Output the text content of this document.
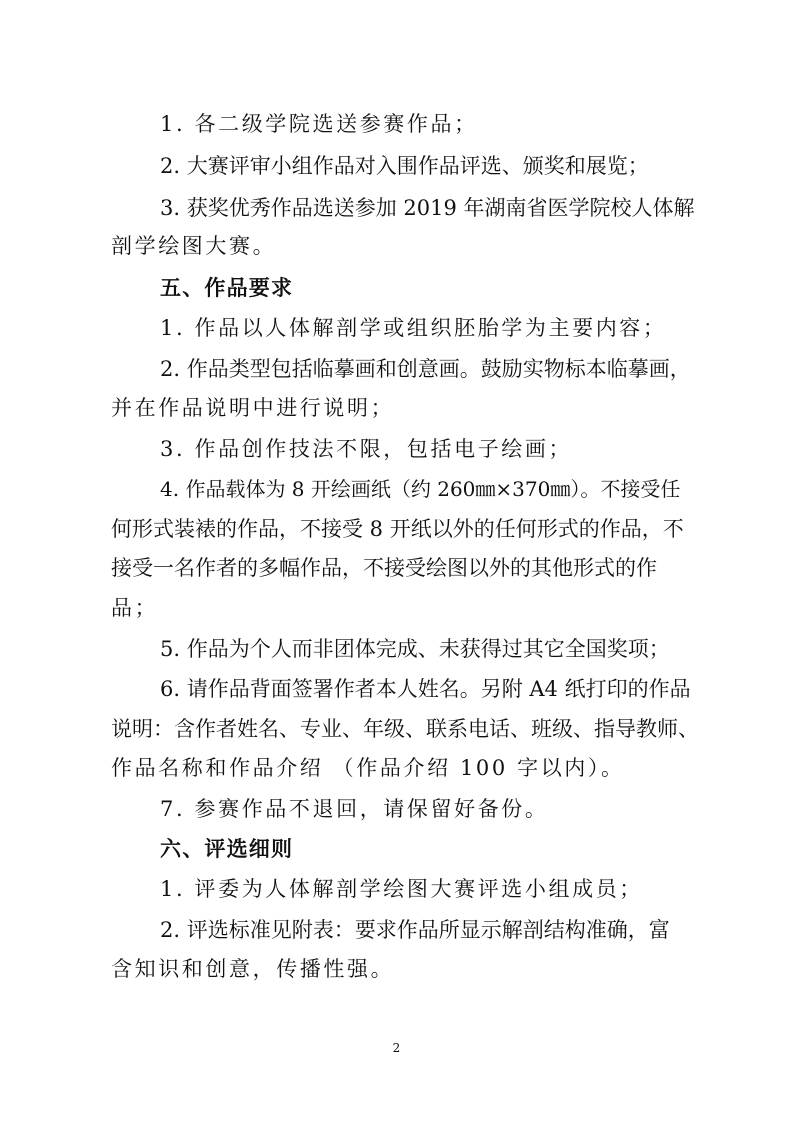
1. 各二级学院选送参赛作品；
2. 大赛评审小组作品对入围作品评选、颁奖和展览；
3. 获奖优秀作品选送参加 2019 年湖南省医学院校人体解
剖学绘图大赛。
五、作品要求
1. 作品以人体解剖学或组织胚胎学为主要内容；
2. 作品类型包括临摹画和创意画。鼓励实物标本临摹画，
并在作品说明中进行说明；
3. 作品创作技法不限，包括电子绘画；
4. 作品载体为 8 开绘画纸（约 260㎜×370㎜）。不接受任
何形式装裱的作品，不接受 8 开纸以外的任何形式的作品，不
接受一名作者的多幅作品，不接受绘图以外的其他形式的作
品；
5. 作品为个人而非团体完成、未获得过其它全国奖项；
6. 请作品背面签署作者本人姓名。另附 A4 纸打印的作品
说明：含作者姓名、专业、年级、联系电话、班级、指导教师、
作品名称和作品介绍 （作品介绍 100 字以内）。
7. 参赛作品不退回，请保留好备份。
六、评选细则
1. 评委为人体解剖学绘图大赛评选小组成员；
2. 评选标准见附表：要求作品所显示解剖结构准确，富
含知识和创意，传播性强。
2
